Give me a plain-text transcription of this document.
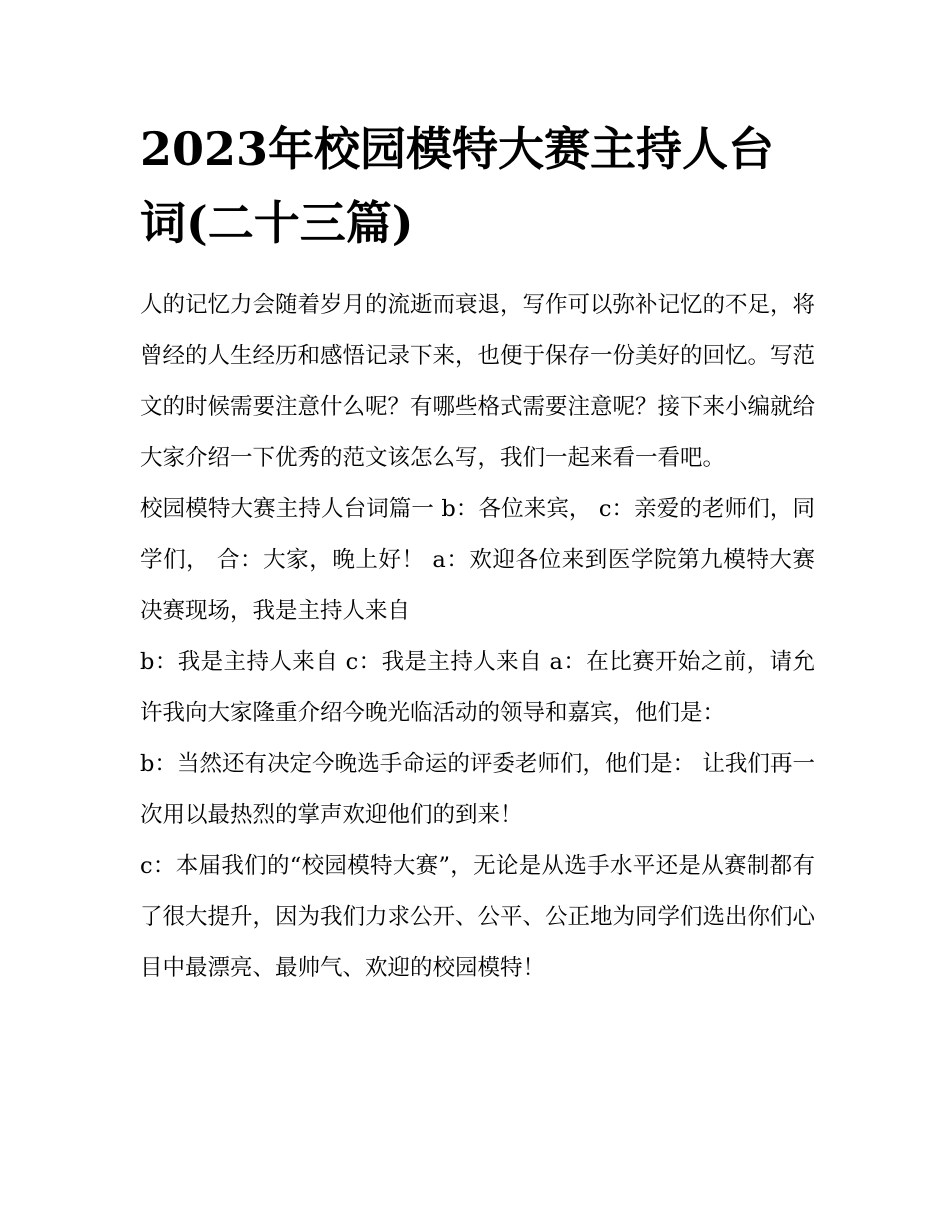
2023年校园模特大赛主持人台词(二十三篇)

人的记忆力会随着岁月的流逝而衰退，写作可以弥补记忆的不足，将曾经的人生经历和感悟记录下来，也便于保存一份美好的回忆。写范文的时候需要注意什么呢？有哪些格式需要注意呢？接下来小编就给大家介绍一下优秀的范文该怎么写，我们一起来看一看吧。

校园模特大赛主持人台词篇一 b：各位来宾， c：亲爱的老师们，同学们， 合：大家，晚上好！ a：欢迎各位来到医学院第九模特大赛决赛现场，我是主持人来自

b：我是主持人来自 c：我是主持人来自 a：在比赛开始之前，请允许我向大家隆重介绍今晚光临活动的领导和嘉宾，他们是：

b：当然还有决定今晚选手命运的评委老师们，他们是： 让我们再一次用以最热烈的掌声欢迎他们的到来！

c：本届我们的“校园模特大赛”，无论是从选手水平还是从赛制都有了很大提升，因为我们力求公开、公平、公正地为同学们选出你们心目中最漂亮、最帅气、欢迎的校园模特！
